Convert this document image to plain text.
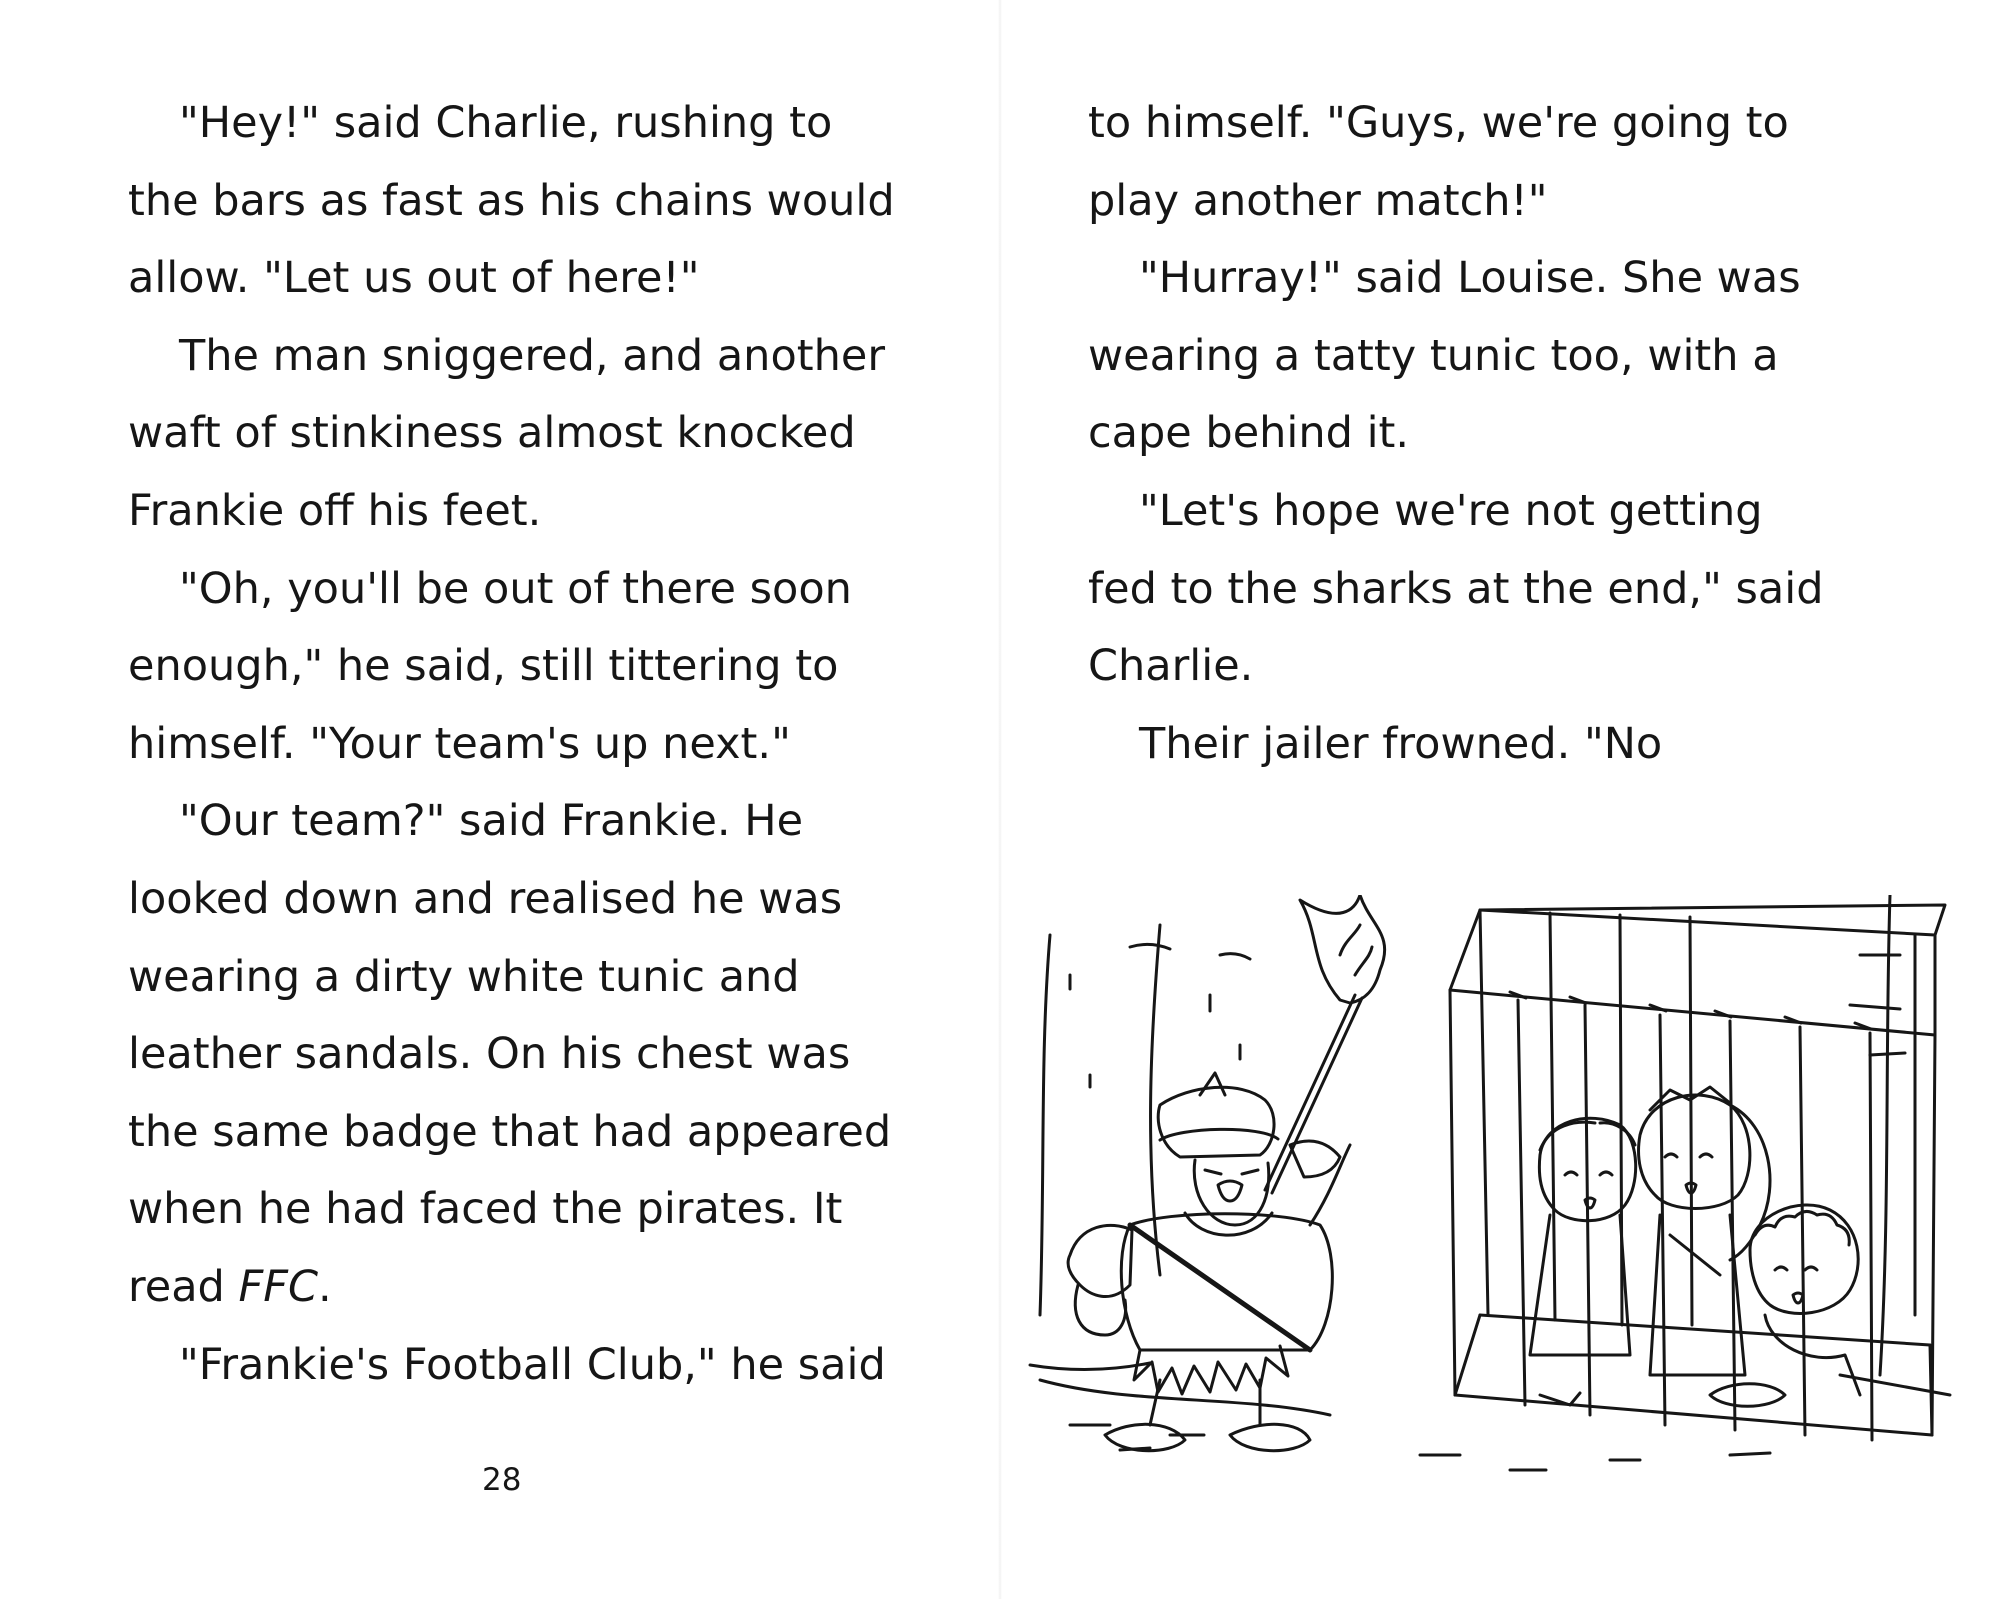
"Hey!" said Charlie, rushing to
the bars as fast as his chains would
allow. "Let us out of here!"
The man sniggered, and another
waft of stinkiness almost knocked
Frankie off his feet.
"Oh, you'll be out of there soon
enough," he said, still tittering to
himself. "Your team's up next."
"Our team?" said Frankie. He
looked down and realised he was
wearing a dirty white tunic and
leather sandals. On his chest was
the same badge that had appeared
when he had faced the pirates. It
read FFC.
"Frankie's Football Club," he said
28
to himself. "Guys, we're going to
play another match!"
"Hurray!" said Louise. She was
wearing a tatty tunic too, with a
cape behind it.
"Let's hope we're not getting
fed to the sharks at the end," said
Charlie.
Their jailer frowned. "No
